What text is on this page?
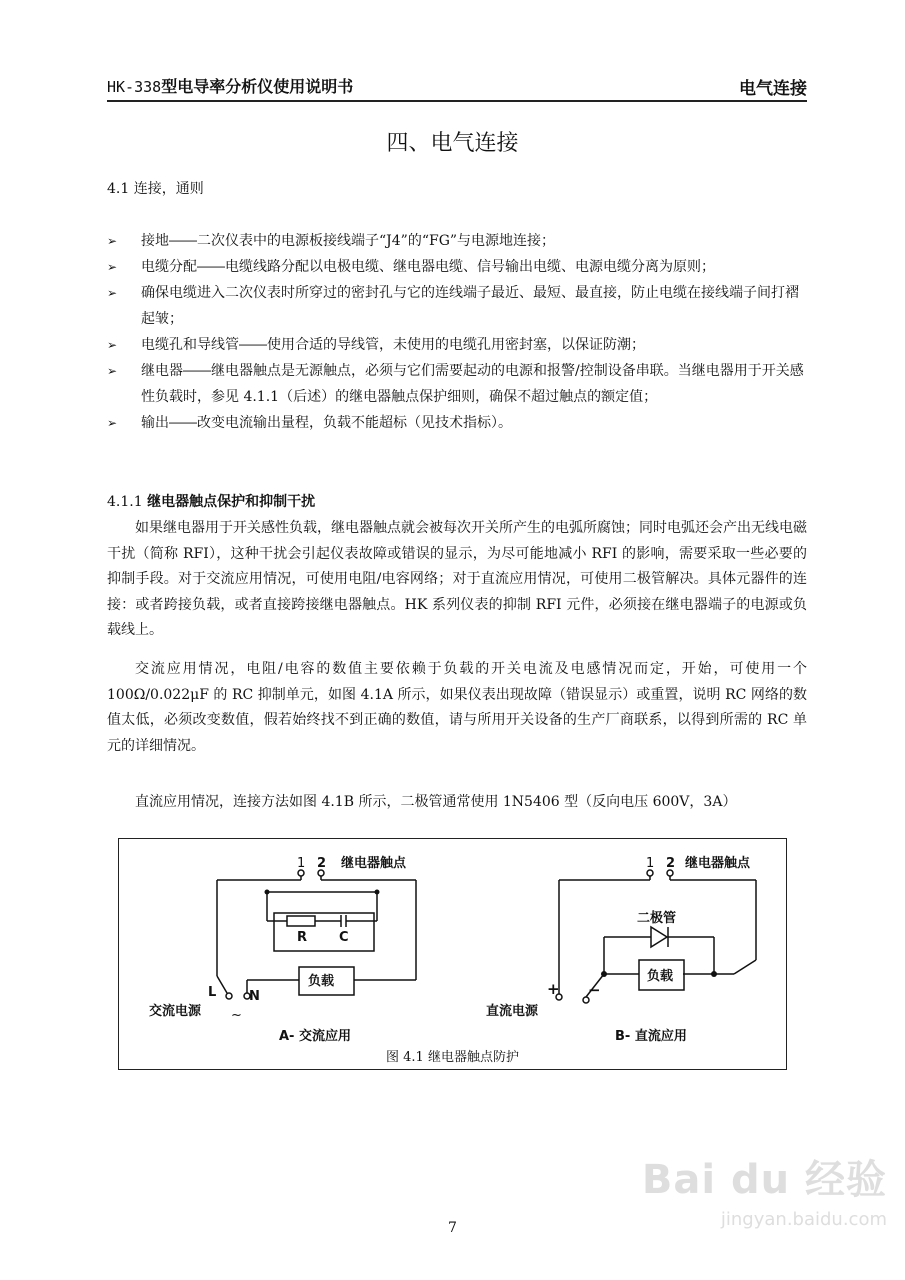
HK-338型电导率分析仪使用说明书	电气连接
四、电气连接
4.1 连接，通则
➢ 接地――二次仪表中的电源板接线端子“J4”的“FG”与电源地连接；
➢ 电缆分配――电缆线路分配以电极电缆、继电器电缆、信号输出电缆、电源电缆分离为原则；
➢ 确保电缆进入二次仪表时所穿过的密封孔与它的连线端子最近、最短、最直接，防止电缆在接线端子间打褶起皱；
➢ 电缆孔和导线管――使用合适的导线管，未使用的电缆孔用密封塞，以保证防潮；
➢ 继电器――继电器触点是无源触点，必须与它们需要起动的电源和报警/控制设备串联。当继电器用于开关感性负载时，参见 4.1.1（后述）的继电器触点保护细则，确保不超过触点的额定值；
➢ 输出――改变电流输出量程，负载不能超标（见技术指标）。
4.1.1 继电器触点保护和抑制干扰
如果继电器用于开关感性负载，继电器触点就会被每次开关所产生的电弧所腐蚀；同时电弧还会产出无线电磁干扰（简称 RFI），这种干扰会引起仪表故障或错误的显示，为尽可能地减小 RFI 的影响，需要采取一些必要的抑制手段。对于交流应用情况，可使用电阻/电容网络；对于直流应用情况，可使用二极管解决。具体元器件的连接：或者跨接负载，或者直接跨接继电器触点。HK 系列仪表的抑制 RFI 元件，必须接在继电器端子的电源或负载线上。
交流应用情况，电阻/电容的数值主要依赖于负载的开关电流及电感情况而定，开始，可使用一个 100Ω/0.022μF 的 RC 抑制单元，如图 4.1A 所示，如果仪表出现故障（错误显示）或重置，说明 RC 网络的数值太低，必须改变数值，假若始终找不到正确的数值，请与所用开关设备的生产厂商联系，以得到所需的 RC 单元的详细情况。
直流应用情况，连接方法如图 4.1B 所示，二极管通常使用 1N5406 型（反向电压 600V，3A）
1 2 继电器触点
R C
负载
L	N
~
交流电源
A- 交流应用
1 2 继电器触点
二极管
负载
+ −
直流电源
B- 直流应用
图 4.1 继电器触点防护
Bai du 经验
jingyan.baidu.com
7
